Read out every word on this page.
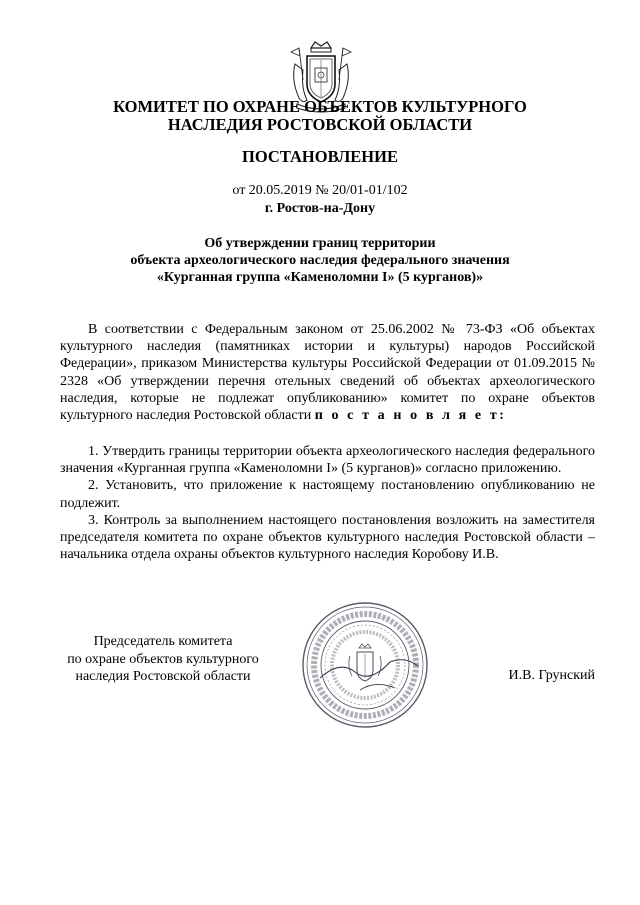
КОМИТЕТ ПО ОХРАНЕ ОБЪЕКТОВ КУЛЬТУРНОГО
НАСЛЕДИЯ РОСТОВСКОЙ ОБЛАСТИ
ПОСТАНОВЛЕНИЕ
от 20.05.2019 № 20/01-01/102
г. Ростов-на-Дону
Об утверждении границ территории
объекта археологического наследия федерального значения
«Курганная группа «Каменоломни I» (5 курганов)»

В соответствии с Федеральным законом от 25.06.2002 № 73-ФЗ «Об объектах культурного наследия (памятниках истории и культуры) народов Российской Федерации», приказом Министерства культуры Российской Федерации от 01.09.2015 № 2328 «Об утверждении перечня отельных сведений об объектах археологического наследия, которые не подлежат опубликованию» комитет по охране объектов культурного наследия Ростовской области п о с т а н о в л я е т:

1. Утвердить границы территории объекта археологического наследия федерального значения «Курганная группа «Каменоломни I» (5 курганов)» согласно приложению.

2. Установить, что приложение к настоящему постановлению опубликованию не подлежит.

3. Контроль за выполнением настоящего постановления возложить на заместителя председателя комитета по охране объектов культурного наследия Ростовской области – начальника отдела охраны объектов культурного наследия Коробову И.В.

Председатель комитета
по охране объектов культурного
наследия Ростовской области	И.В. Грунский
